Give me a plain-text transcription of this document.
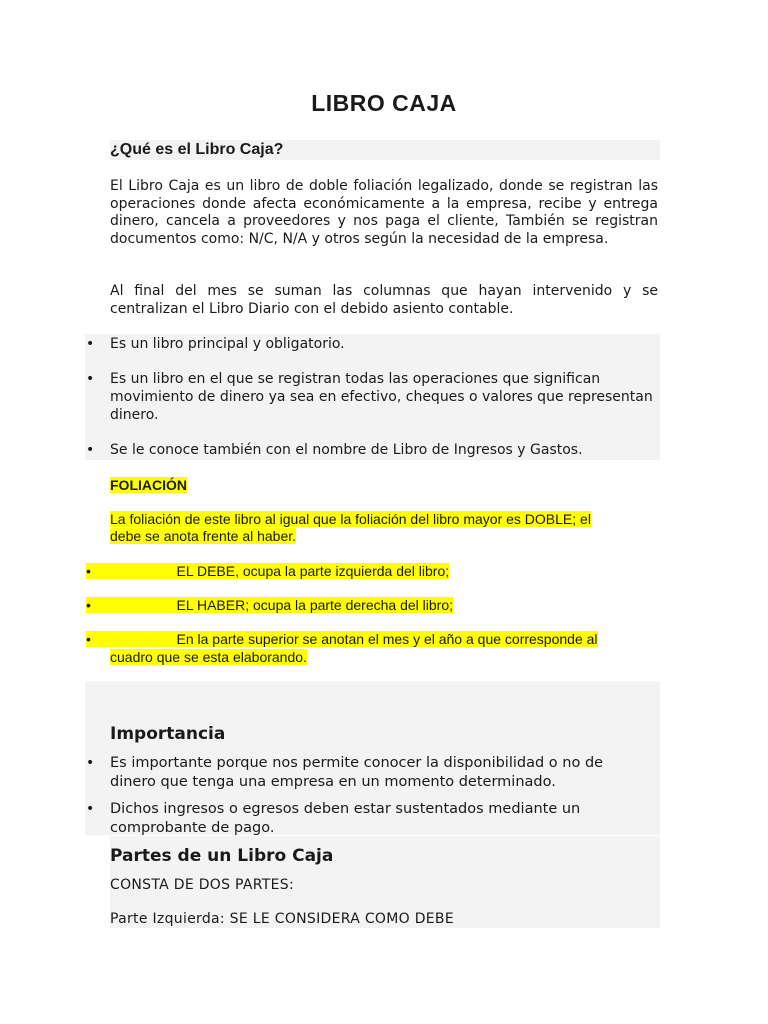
LIBRO CAJA
¿Qué es el Libro Caja?
El Libro Caja es un libro de doble foliación legalizado, donde se registran las operaciones donde afecta económicamente a la empresa, recibe y entrega dinero, cancela a proveedores y nos paga el cliente, También se registran documentos como: N/C, N/A y otros según la necesidad de la empresa.
Al final del mes se suman las columnas que hayan intervenido y se centralizan el Libro Diario con el debido asiento contable.
• Es un libro principal y obligatorio.
• Es un libro en el que se registran todas las operaciones que significan movimiento de dinero ya sea en efectivo, cheques o valores que representan dinero.
• Se le conoce también con el nombre de Libro de Ingresos y Gastos.
FOLIACIÓN
La foliación de este libro al igual que la foliación del libro mayor es DOBLE; el
debe se anota frente al haber.
•                      EL DEBE, ocupa la parte izquierda del libro;
•                      EL HABER; ocupa la parte derecha del libro;
•                      En la parte superior se anotan el mes y el año a que corresponde al
cuadro que se esta elaborando.
Importancia
• Es importante porque nos permite conocer la disponibilidad o no de dinero que tenga una empresa en un momento determinado.
• Dichos ingresos o egresos deben estar sustentados mediante un comprobante de pago.
Partes de un Libro Caja
CONSTA DE DOS PARTES:
Parte Izquierda: SE LE CONSIDERA COMO DEBE
